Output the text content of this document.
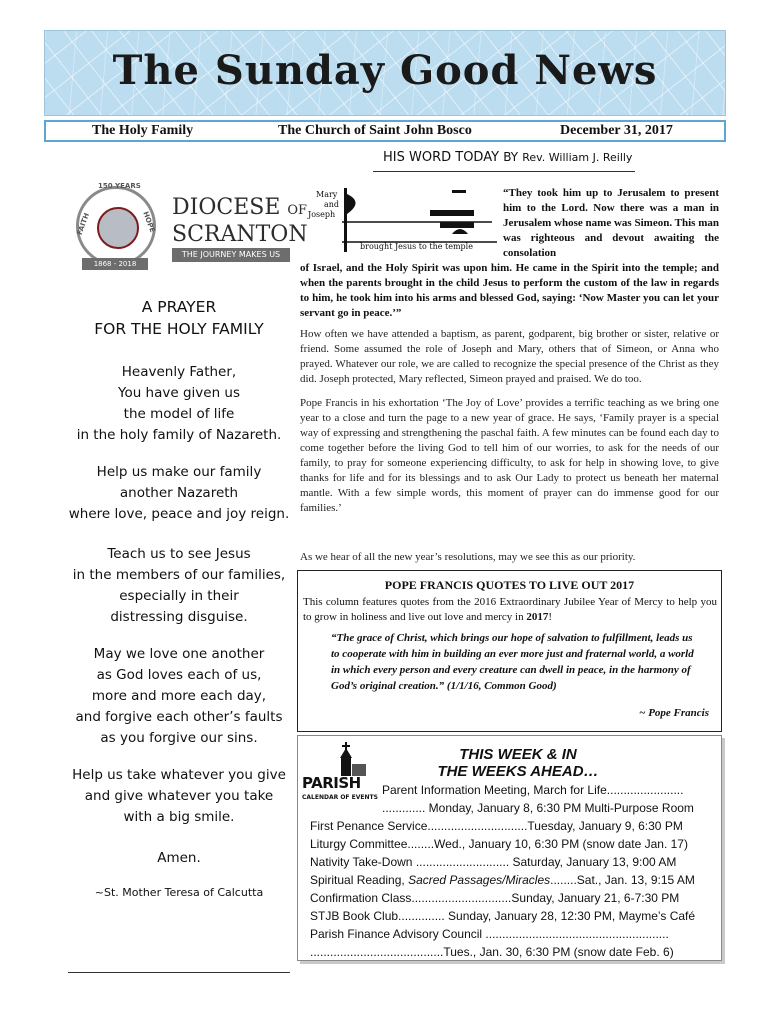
The Sunday Good News
The Holy Family	The Church of Saint John Bosco	December 31, 2017
HIS WORD TODAY BY Rev. William J. Reilly
150 YEARS
FAITH	HOPE
1868 - 2018
DIOCESE OF
SCRANTON
THE JOURNEY MAKES US ONE
Mary
and
Joseph
brought Jesus to the temple
“They took him up to Jerusalem to present him to the Lord. Now there was a man in Jerusalem whose name was Simeon. This man was righteous and devout awaiting the consolation
of Israel, and the Holy Spirit was upon him. He came in the Spirit into the temple; and when the parents brought in the child Jesus to perform the custom of the law in regards to him, he took him into his arms and blessed God, saying: ‘Now Master you can let your servant go in peace.’”
How often we have attended a baptism, as parent, godparent, big brother or sister, relative or friend. Some assumed the role of Joseph and Mary, others that of Simeon, or Anna who prayed. Whatever our role, we are called to recognize the special presence of the Christ as they did. Joseph protected, Mary reflected, Simeon prayed and praised. We do too.
Pope Francis in his exhortation ‘The Joy of Love’ provides a terrific teaching as we bring one year to a close and turn the page to a new year of grace. He says, ‘Family prayer is a special way of expressing and strengthening the paschal faith. A few minutes can be found each day to come together before the living God to tell him of our worries, to ask for the needs of our family, to pray for someone experiencing difficulty, to ask for help in showing love, to give thanks for life and for its blessings and to ask Our Lady to protect us beneath her maternal mantle. With a few simple words, this moment of prayer can do immense good for our families.’
As we hear of all the new year’s resolutions, may we see this as our priority.
A PRAYER
FOR THE HOLY FAMILY
Heavenly Father,
You have given us
the model of life
in the holy family of Nazareth.
Help us make our family
another Nazareth
where love, peace and joy reign.
Teach us to see Jesus
in the members of our families,
especially in their
distressing disguise.
May we love one another
as God loves each of us,
more and more each day,
and forgive each other’s faults
as you forgive our sins.
Help us take whatever you give
and give whatever you take
with a big smile.
Amen.
~St. Mother Teresa of Calcutta
POPE FRANCIS QUOTES TO LIVE OUT 2017
This column features quotes from the 2016 Extraordinary Jubilee Year of Mercy to help you to grow in holiness and live out love and mercy in 2017!
“The grace of Christ, which brings our hope of salvation to fulfillment, leads us to cooperate with him in building an ever more just and fraternal world, a world in which every person and every creature can dwell in peace, in the harmony of God’s original creation.” (1/1/16, Common Good)
~ Pope Francis
PARISH
CALENDAR OF EVENTS
THIS WEEK & IN
THE WEEKS AHEAD…
Parent Information Meeting, March for Life.......................
............. Monday, January 8, 6:30 PM Multi-Purpose Room
First Penance Service..............................Tuesday, January 9, 6:30 PM
Liturgy Committee........Wed., January 10, 6:30 PM (snow date Jan. 17)
Nativity Take-Down ............................ Saturday, January 13, 9:00 AM
Spiritual Reading, Sacred Passages/Miracles........Sat., Jan. 13, 9:15 AM
Confirmation Class..............................Sunday, January 21, 6-7:30 PM
STJB Book Club.............. Sunday, January 28, 12:30 PM, Mayme’s Café
Parish Finance Advisory Council .......................................................
........................................Tues., Jan. 30, 6:30 PM (snow date Feb. 6)
